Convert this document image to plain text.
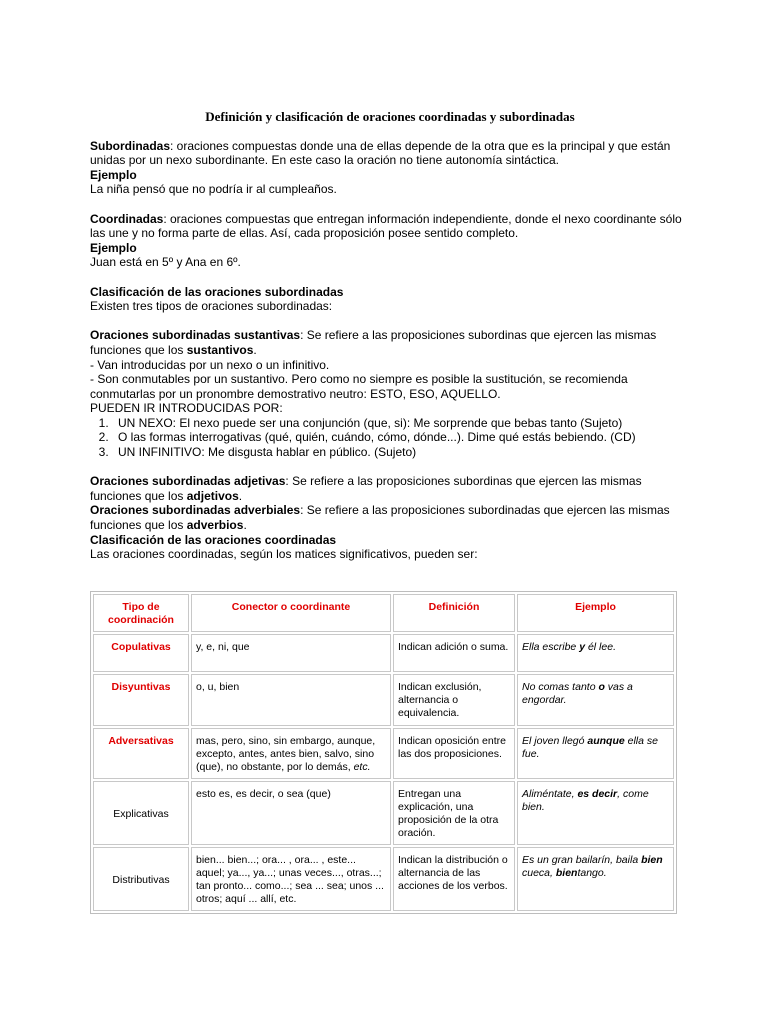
Definición y clasificación de oraciones coordinadas y subordinadas

Subordinadas: oraciones compuestas donde una de ellas depende de la otra que es la principal y que están unidas por un nexo subordinante. En este caso la oración no tiene autonomía sintáctica.

Ejemplo

La niña pensó que no podría ir al cumpleaños.

Coordinadas: oraciones compuestas que entregan información independiente, donde el nexo coordinante sólo las une y no forma parte de ellas. Así, cada proposición posee sentido completo.

Ejemplo

Juan está en 5º y Ana en 6º.

Clasificación de las oraciones subordinadas

Existen tres tipos de oraciones subordinadas:

Oraciones subordinadas sustantivas: Se refiere a las proposiciones subordinas que ejercen las mismas funciones que los sustantivos.

- Van introducidas por un nexo o un infinitivo.

- Son conmutables por un sustantivo. Pero como no siempre es posible la sustitución, se recomienda conmutarlas por un pronombre demostrativo neutro: ESTO, ESO, AQUELLO.

PUEDEN IR INTRODUCIDAS POR:

1. UN NEXO: El nexo puede ser una conjunción (que, si): Me sorprende que bebas tanto (Sujeto)
2. O las formas interrogativas (qué, quién, cuándo, cómo, dónde...). Dime qué estás bebiendo. (CD)
3. UN INFINITIVO: Me disgusta hablar en público. (Sujeto)

Oraciones subordinadas adjetivas: Se refiere a las proposiciones subordinas que ejercen las mismas funciones que los adjetivos.

Oraciones subordinadas adverbiales: Se refiere a las proposiciones subordinadas que ejercen las mismas funciones que los adverbios.

Clasificación de las oraciones coordinadas

Las oraciones coordinadas, según los matices significativos, pueden ser:

Tipo de coordinación	Conector o coordinante	Definición	Ejemplo
Copulativas	y, e, ni, que	Indican adición o suma.	Ella escribe y él lee.
Disyuntivas	o, u, bien	Indican exclusión, alternancia o equivalencia.	No comas tanto o vas a engordar.
Adversativas	mas, pero, sino, sin embargo, aunque, excepto, antes, antes bien, salvo, sino (que), no obstante, por lo demás, etc.	Indican oposición entre las dos proposiciones.	El joven llegó aunque ella se fue.
Explicativas	esto es, es decir, o sea (que)	Entregan una explicación, una proposición de la otra oración.	Aliméntate, es decir, come bien.
Distributivas	bien... bien...; ora... , ora... , este... aquel; ya..., ya...; unas veces..., otras...; tan pronto... como...; sea ... sea; unos ... otros; aquí ... allí, etc.	Indican la distribución o alternancia de las acciones de los verbos.	Es un gran bailarín, baila bien cueca, bientango.
